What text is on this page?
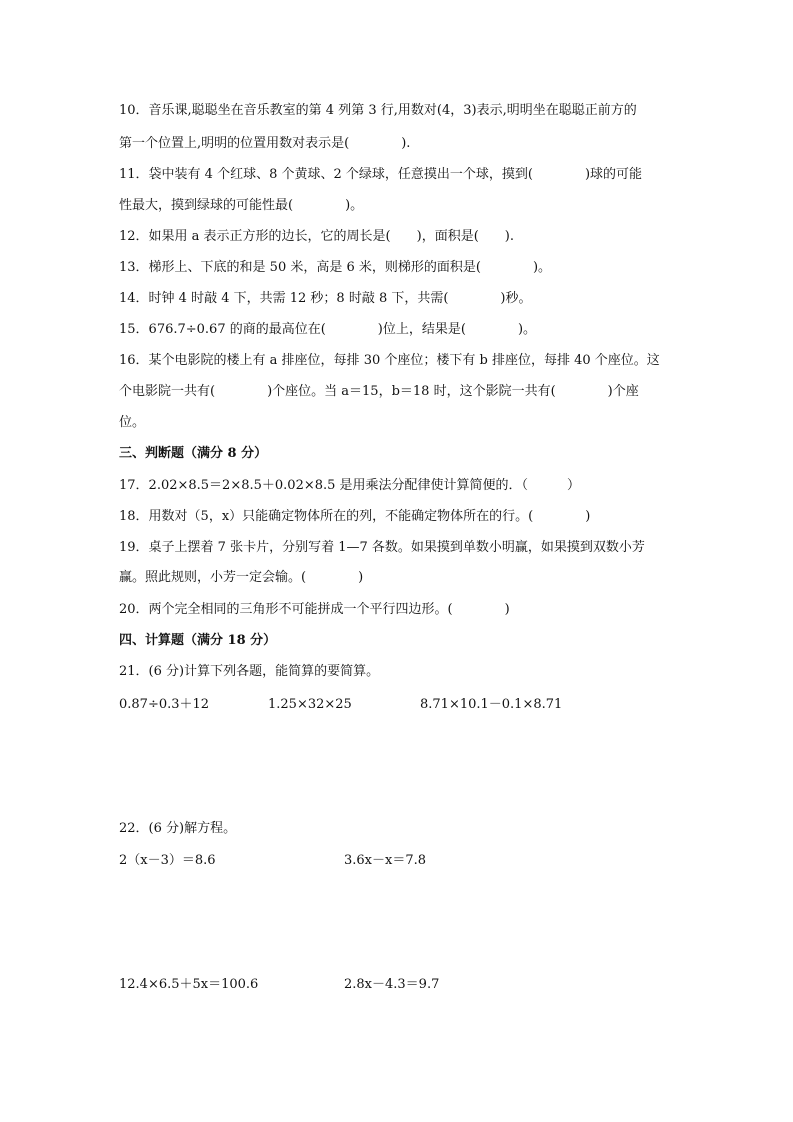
10．音乐课,聪聪坐在音乐教室的第 4 列第 3 行,用数对(4，3)表示,明明坐在聪聪正前方的
第一个位置上,明明的位置用数对表示是(　　　　).
11．袋中装有 4 个红球、8 个黄球、2 个绿球，任意摸出一个球，摸到(　　　　)球的可能
性最大，摸到绿球的可能性最(　　　　)。
12．如果用 a 表示正方形的边长，它的周长是(　　)，面积是(　　).
13．梯形上、下底的和是 50 米，高是 6 米，则梯形的面积是(　　　　)。
14．时钟 4 时敲 4 下，共需 12 秒；8 时敲 8 下，共需(　　　　)秒。
15．676.7÷0.67 的商的最高位在(　　　　)位上，结果是(　　　　)。
16．某个电影院的楼上有 a 排座位，每排 30 个座位；楼下有 b 排座位，每排 40 个座位。这
个电影院一共有(　　　　)个座位。当 a＝15，b＝18 时，这个影院一共有(　　　　)个座
位。
三、判断题（满分 8 分）
17．2.02×8.5＝2×8.5＋0.02×8.5 是用乘法分配律使计算简便的．（　　　）
18．用数对（5，x）只能确定物体所在的列，不能确定物体所在的行。(　　　　)
19．桌子上摆着 7 张卡片，分别写着 1—7 各数。如果摸到单数小明赢，如果摸到双数小芳
赢。照此规则，小芳一定会输。(　　　　)
20．两个完全相同的三角形不可能拼成一个平行四边形。(　　　　)
四、计算题（满分 18 分）
21．(6 分)计算下列各题，能简算的要简算。
0.87÷0.3＋12	1.25×32×25	8.71×10.1－0.1×8.71
22．(6 分)解方程。
2（x－3）＝8.6	3.6x－x＝7.8
12.4×6.5＋5x＝100.6	2.8x－4.3＝9.7
